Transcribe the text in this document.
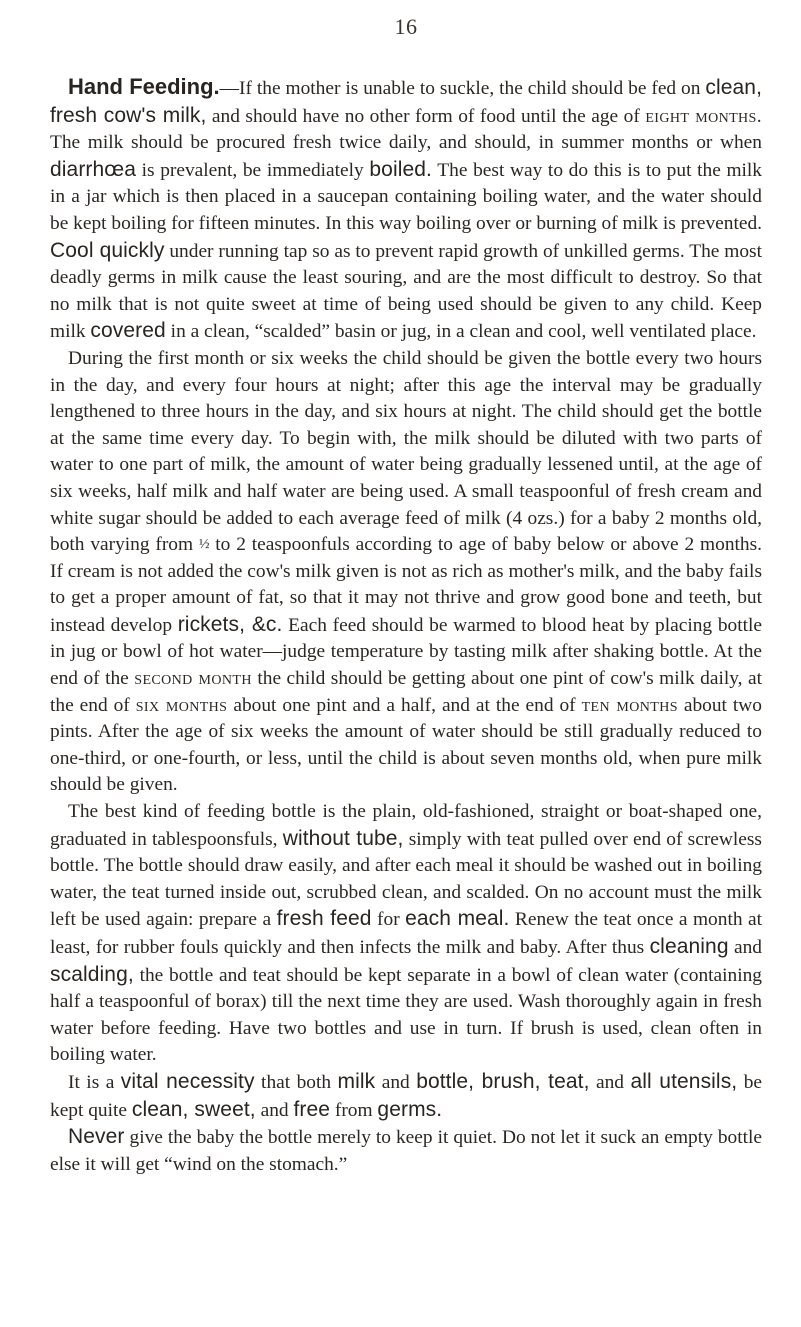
16

Hand Feeding.—If the mother is unable to suckle, the child should be fed on clean, fresh cow's milk, and should have no other form of food until the age of eight months. The milk should be procured fresh twice daily, and should, in summer months or when diarrhœa is prevalent, be immediately boiled. The best way to do this is to put the milk in a jar which is then placed in a saucepan containing boiling water, and the water should be kept boiling for fifteen minutes. In this way boiling over or burning of milk is prevented. Cool quickly under running tap so as to prevent rapid growth of unkilled germs. The most deadly germs in milk cause the least souring, and are the most difficult to destroy. So that no milk that is not quite sweet at time of being used should be given to any child. Keep milk covered in a clean, “scalded” basin or jug, in a clean and cool, well ventilated place.

During the first month or six weeks the child should be given the bottle every two hours in the day, and every four hours at night; after this age the interval may be gradually lengthened to three hours in the day, and six hours at night. The child should get the bottle at the same time every day. To begin with, the milk should be diluted with two parts of water to one part of milk, the amount of water being gradually lessened until, at the age of six weeks, half milk and half water are being used. A small teaspoonful of fresh cream and white sugar should be added to each average feed of milk (4 ozs.) for a baby 2 months old, both varying from ½ to 2 teaspoonfuls according to age of baby below or above 2 months. If cream is not added the cow's milk given is not as rich as mother's milk, and the baby fails to get a proper amount of fat, so that it may not thrive and grow good bone and teeth, but instead develop rickets, &c. Each feed should be warmed to blood heat by placing bottle in jug or bowl of hot water—judge temperature by tasting milk after shaking bottle. At the end of the second month the child should be getting about one pint of cow's milk daily, at the end of six months about one pint and a half, and at the end of ten months about two pints. After the age of six weeks the amount of water should be still gradually reduced to one-third, or one-fourth, or less, until the child is about seven months old, when pure milk should be given.

The best kind of feeding bottle is the plain, old-fashioned, straight or boat-shaped one, graduated in tablespoonsfuls, without tube, simply with teat pulled over end of screwless bottle. The bottle should draw easily, and after each meal it should be washed out in boiling water, the teat turned inside out, scrubbed clean, and scalded. On no account must the milk left be used again: prepare a fresh feed for each meal. Renew the teat once a month at least, for rubber fouls quickly and then infects the milk and baby. After thus cleaning and scalding, the bottle and teat should be kept separate in a bowl of clean water (containing half a teaspoonful of borax) till the next time they are used. Wash thoroughly again in fresh water before feeding. Have two bottles and use in turn. If brush is used, clean often in boiling water.

It is a vital necessity that both milk and bottle, brush, teat, and all utensils, be kept quite clean, sweet, and free from germs.

Never give the baby the bottle merely to keep it quiet. Do not let it suck an empty bottle else it will get “wind on the stomach.”
